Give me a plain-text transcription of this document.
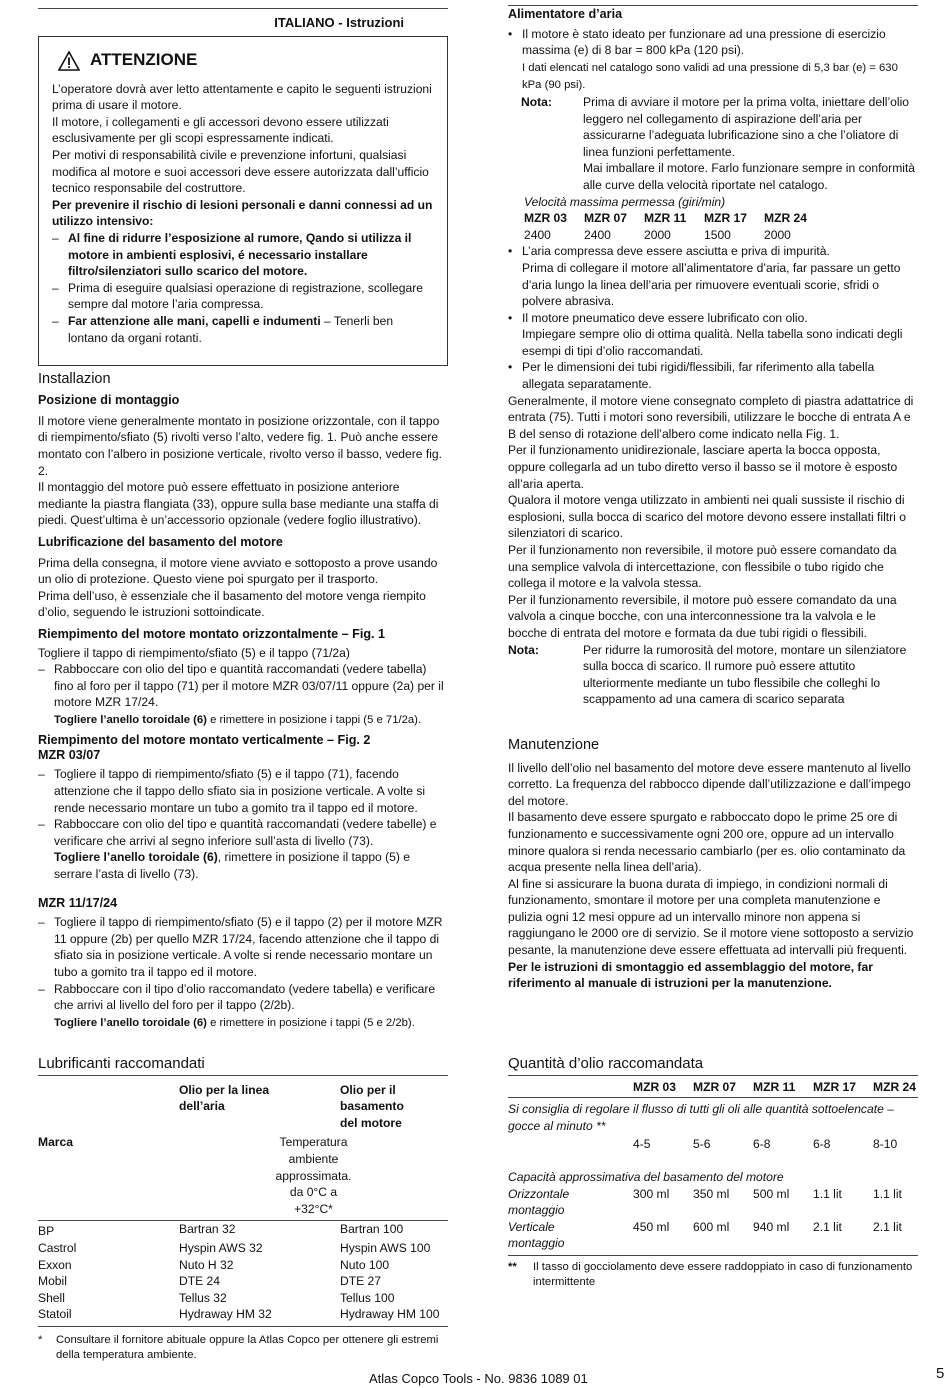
ITALIANO - Istruzioni
ATTENZIONE

L’operatore dovrà aver letto attentamente e capito le seguenti istruzioni prima di usare il motore.

Il motore, i collegamenti e gli accessori devono essere utilizzati esclusivamente per gli scopi espressamente indicati.

Per motivi di responsabilità civile e prevenzione infortuni, qualsiasi modifica al motore e suoi accessori deve essere autorizzata dall’ufficio tecnico responsabile del costruttore.

Per prevenire il rischio di lesioni personali e danni connessi ad un utilizzo intensivo:

– Al fine di ridurre l’esposizione al rumore, Qando si utilizza il motore in ambienti esplosivi, é necessario installare filtro/silenziatori sullo scarico del motore.
– Prima di eseguire qualsiasi operazione di registrazione, scollegare sempre dal motore l’aria compressa.
– Far attenzione alle mani, capelli e indumenti – Tenerli ben lontano da organi rotanti.
Installazion
Posizione di montaggio

Il motore viene generalmente montato in posizione orizzontale, con il tappo di riempimento/sfiato (5) rivolti verso l’alto, vedere fig. 1. Può anche essere montato con l’albero in posizione verticale, rivolto verso il basso, vedere fig. 2.

Il montaggio del motore può essere effettuato in posizione anteriore mediante la piastra flangiata (33), oppure sulla base mediante una staffa di piedi. Quest’ultima è un’accessorio opzionale (vedere foglio illustrativo).

Lubrificazione del basamento del motore

Prima della consegna, il motore viene avviato e sottoposto a prove usando un olio di protezione. Questo viene poi spurgato per il trasporto.

Prima dell’uso, è essenziale che il basamento del motore venga riempito d’olio, seguendo le istruzioni sottoindicate.

Riempimento del motore montato orizzontalmente – Fig. 1

Togliere il tappo di riempimento/sfiato (5) e il tappo (71/2a)

– Rabboccare con olio del tipo e quantità raccomandati (vedere tabella) fino al foro per il tappo (71) per il motore MZR 03/07/11 oppure (2a) per il motore MZR 17/24.
Togliere l’anello toroidale (6) e rimettere in posizione i tappi (5 e 71/2a).
Riempimento del motore montato verticalmente – Fig. 2
MZR 03/07
– Togliere il tappo di riempimento/sfiato (5) e il tappo (71), facendo attenzione che il tappo dello sfiato sia in posizione verticale. A volte si rende necessario montare un tubo a gomito tra il tappo ed il motore.
– Rabboccare con olio del tipo e quantità raccomandati (vedere tabelle) e verificare che arrivi al segno inferiore sull’asta di livello (73).
Togliere l’anello toroidale (6), rimettere in posizione il tappo (5) e serrare l’asta di livello (73).
MZR 11/17/24
– Togliere il tappo di riempimento/sfiato (5) e il tappo (2) per il motore MZR 11 oppure (2b) per quello MZR 17/24, facendo attenzione che il tappo di sfiato sia in posizione verticale. A volte si rende necessario montare un tubo a gomito tra il tappo ed il motore.
– Rabboccare con il tipo d’olio raccomandato (vedere tabella) e verificare che arrivi al livello del foro per il tappo (2/2b).
Togliere l’anello toroidale (6) e rimettere in posizione i tappi (5 e 2/2b).
Lubrificanti raccomandati
	Olio per la linea dell’aria	Olio per il basamento del motore
Marca	Temperatura ambiente approssimata. da 0°C a +32°C*	

BP	Bartran 32	Bartran 100
Castrol	Hyspin AWS 32	Hyspin AWS 100
Exxon	Nuto H 32	Nuto 100
Mobil	DTE 24	DTE 27
Shell	Tellus 32	Tellus 100
Statoil	Hydraway HM 32	Hydraway HM 100

*	Consultare il fornitore abituale oppure la Atlas Copco per ottenere gli estremi della temperatura ambiente.
Alimentatore d’aria
• Il motore è stato ideato per funzionare ad una pressione di esercizio massima (e) di 8 bar = 800 kPa (120 psi).
I dati elencati nel catalogo sono validi ad una pressione di 5,3 bar (e) = 630 kPa (90 psi).
Nota:	Prima di avviare il motore per la prima volta, iniettare dell’olio leggero nel collegamento di aspirazione dell’aria per assicurarne l’adeguata lubrificazione sino a che l’oliatore di linea funzioni perfettamente.
Mai imballare il motore. Farlo funzionare sempre in conformità alle curve della velocità riportate nel catalogo.
Velocità massima permessa (giri/min)
MZR 03	MZR 07	MZR 11	MZR 17	MZR 24
2400	2400	2000	1500	2000
• L’aria compressa deve essere asciutta e priva di impurità.
Prima di collegare il motore all’alimentatore d’aria, far passare un getto d’aria lungo la linea dell’aria per rimuovere eventuali scorie, sfridi o polvere abrasiva.
• Il motore pneumatico deve essere lubrificato con olio.
Impiegare sempre olio di ottima qualità. Nella tabella sono indicati degli esempi di tipi d’olio raccomandati.
• Per le dimensioni dei tubi rigidi/flessibili, far riferimento alla tabella allegata separatamente.

Generalmente, il motore viene consegnato completo di piastra adattatrice di entrata (75). Tutti i motori sono reversibili, utilizzare le bocche di entrata A e B del senso di rotazione dell’albero come indicato nella Fig. 1.

Per il funzionamento unidirezionale, lasciare aperta la bocca opposta, oppure collegarla ad un tubo diretto verso il basso se il motore è esposto all’aria aperta.

Qualora il motore venga utilizzato in ambienti nei quali sussiste il rischio di esplosioni, sulla bocca di scarico del motore devono essere installati filtri o silenziatori di scarico.

Per il funzionamento non reversibile, il motore può essere comandato da una semplice valvola di intercettazione, con flessibile o tubo rigido che collega il motore e la valvola stessa.

Per il funzionamento reversibile, il motore può essere comandato da una valvola a cinque bocche, con una interconnessione tra la valvola e le bocche di entrata del motore e formata da due tubi rigidi o flessibili.

Nota:	Per ridurre la rumorosità del motore, montare un silenziatore sulla bocca di scarico. Il rumore può essere attutito ulteriormente mediante un tubo flessibile che colleghi lo scappamento ad una camera di scarico separata
Manutenzione

Il livello dell’olio nel basamento del motore deve essere mantenuto al livello corretto. La frequenza del rabbocco dipende dall’utilizzazione e dall’impego del motore.

Il basamento deve essere spurgato e rabboccato dopo le prime 25 ore di funzionamento e successivamente ogni 200 ore, oppure ad un intervallo minore qualora si renda necessario cambiarlo (per es. olio contaminato da acqua presente nella linea dell’aria).

Al fine si assicurare la buona durata di impiego, in condizioni normali di funzionamento, smontare il motore per una completa manutenzione e pulizia ogni 12 mesi oppure ad un intervallo minore non appena si raggiungano le 2000 ore di servizio. Se il motore viene sottoposto a servizio pesante, la manutenzione deve essere effettuata ad intervalli più frequenti.

Per le istruzioni di smontaggio ed assemblaggio del motore, far riferimento al manuale di istruzioni per la manutenzione.

Quantità d’olio raccomandata
MZR 03	MZR 07	MZR 11	MZR 17	MZR 24
Si consiglia di regolare il flusso di tutti gli oli alle quantità sottoelencate – gocce al minuto **
4-5	5-6	6-8	6-8	8-10
Capacità approssimativa del basamento del motore
Orizzontale montaggio
300 ml	350 ml	500 ml	1.1 lit	1.1 lit
Verticale montaggio
450 ml	600 ml	940 ml	2.1 lit	2.1 lit
**	Il tasso di gocciolamento deve essere raddoppiato in caso di funzionamento intermittente
Atlas Copco Tools - No. 9836 1089 01	5
